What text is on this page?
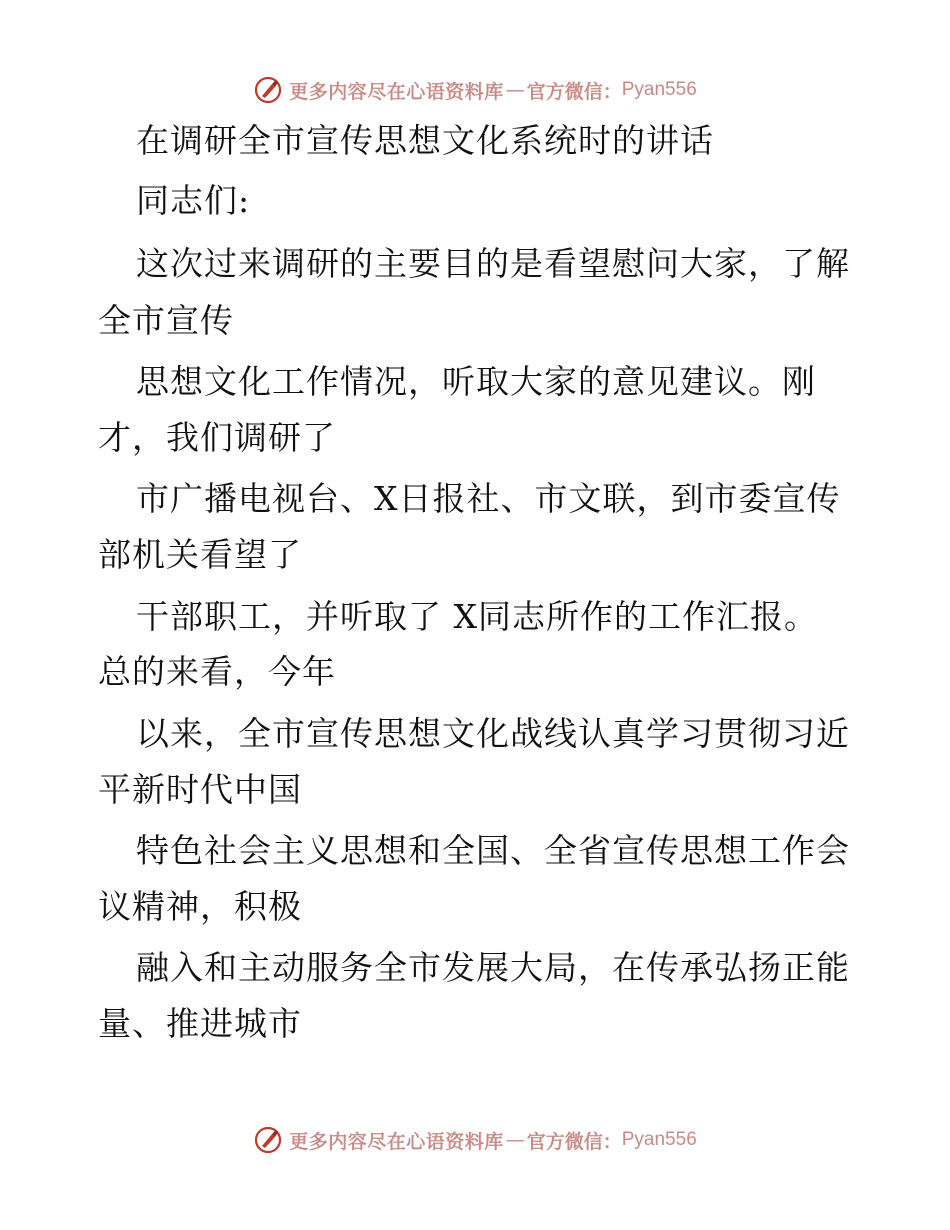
更多内容尽在心语资料库 — 官方微信： Pyan556
在调研全市宣传思想文化系统时的讲话
同志们:
这次过来调研的主要目的是看望慰问大家，了解
全市宣传
思想文化工作情况，听取大家的意见建议。刚
才，我们调研了
市广播电视台、X日报社、市文联，到市委宣传
部机关看望了
干部职工，并听取了 X同志所作的工作汇报。
总的来看，今年
以来，全市宣传思想文化战线认真学习贯彻习近
平新时代中国
特色社会主义思想和全国、全省宣传思想工作会
议精神，积极
融入和主动服务全市发展大局，在传承弘扬正能
量、推进城市
更多内容尽在心语资料库 — 官方微信： Pyan556
